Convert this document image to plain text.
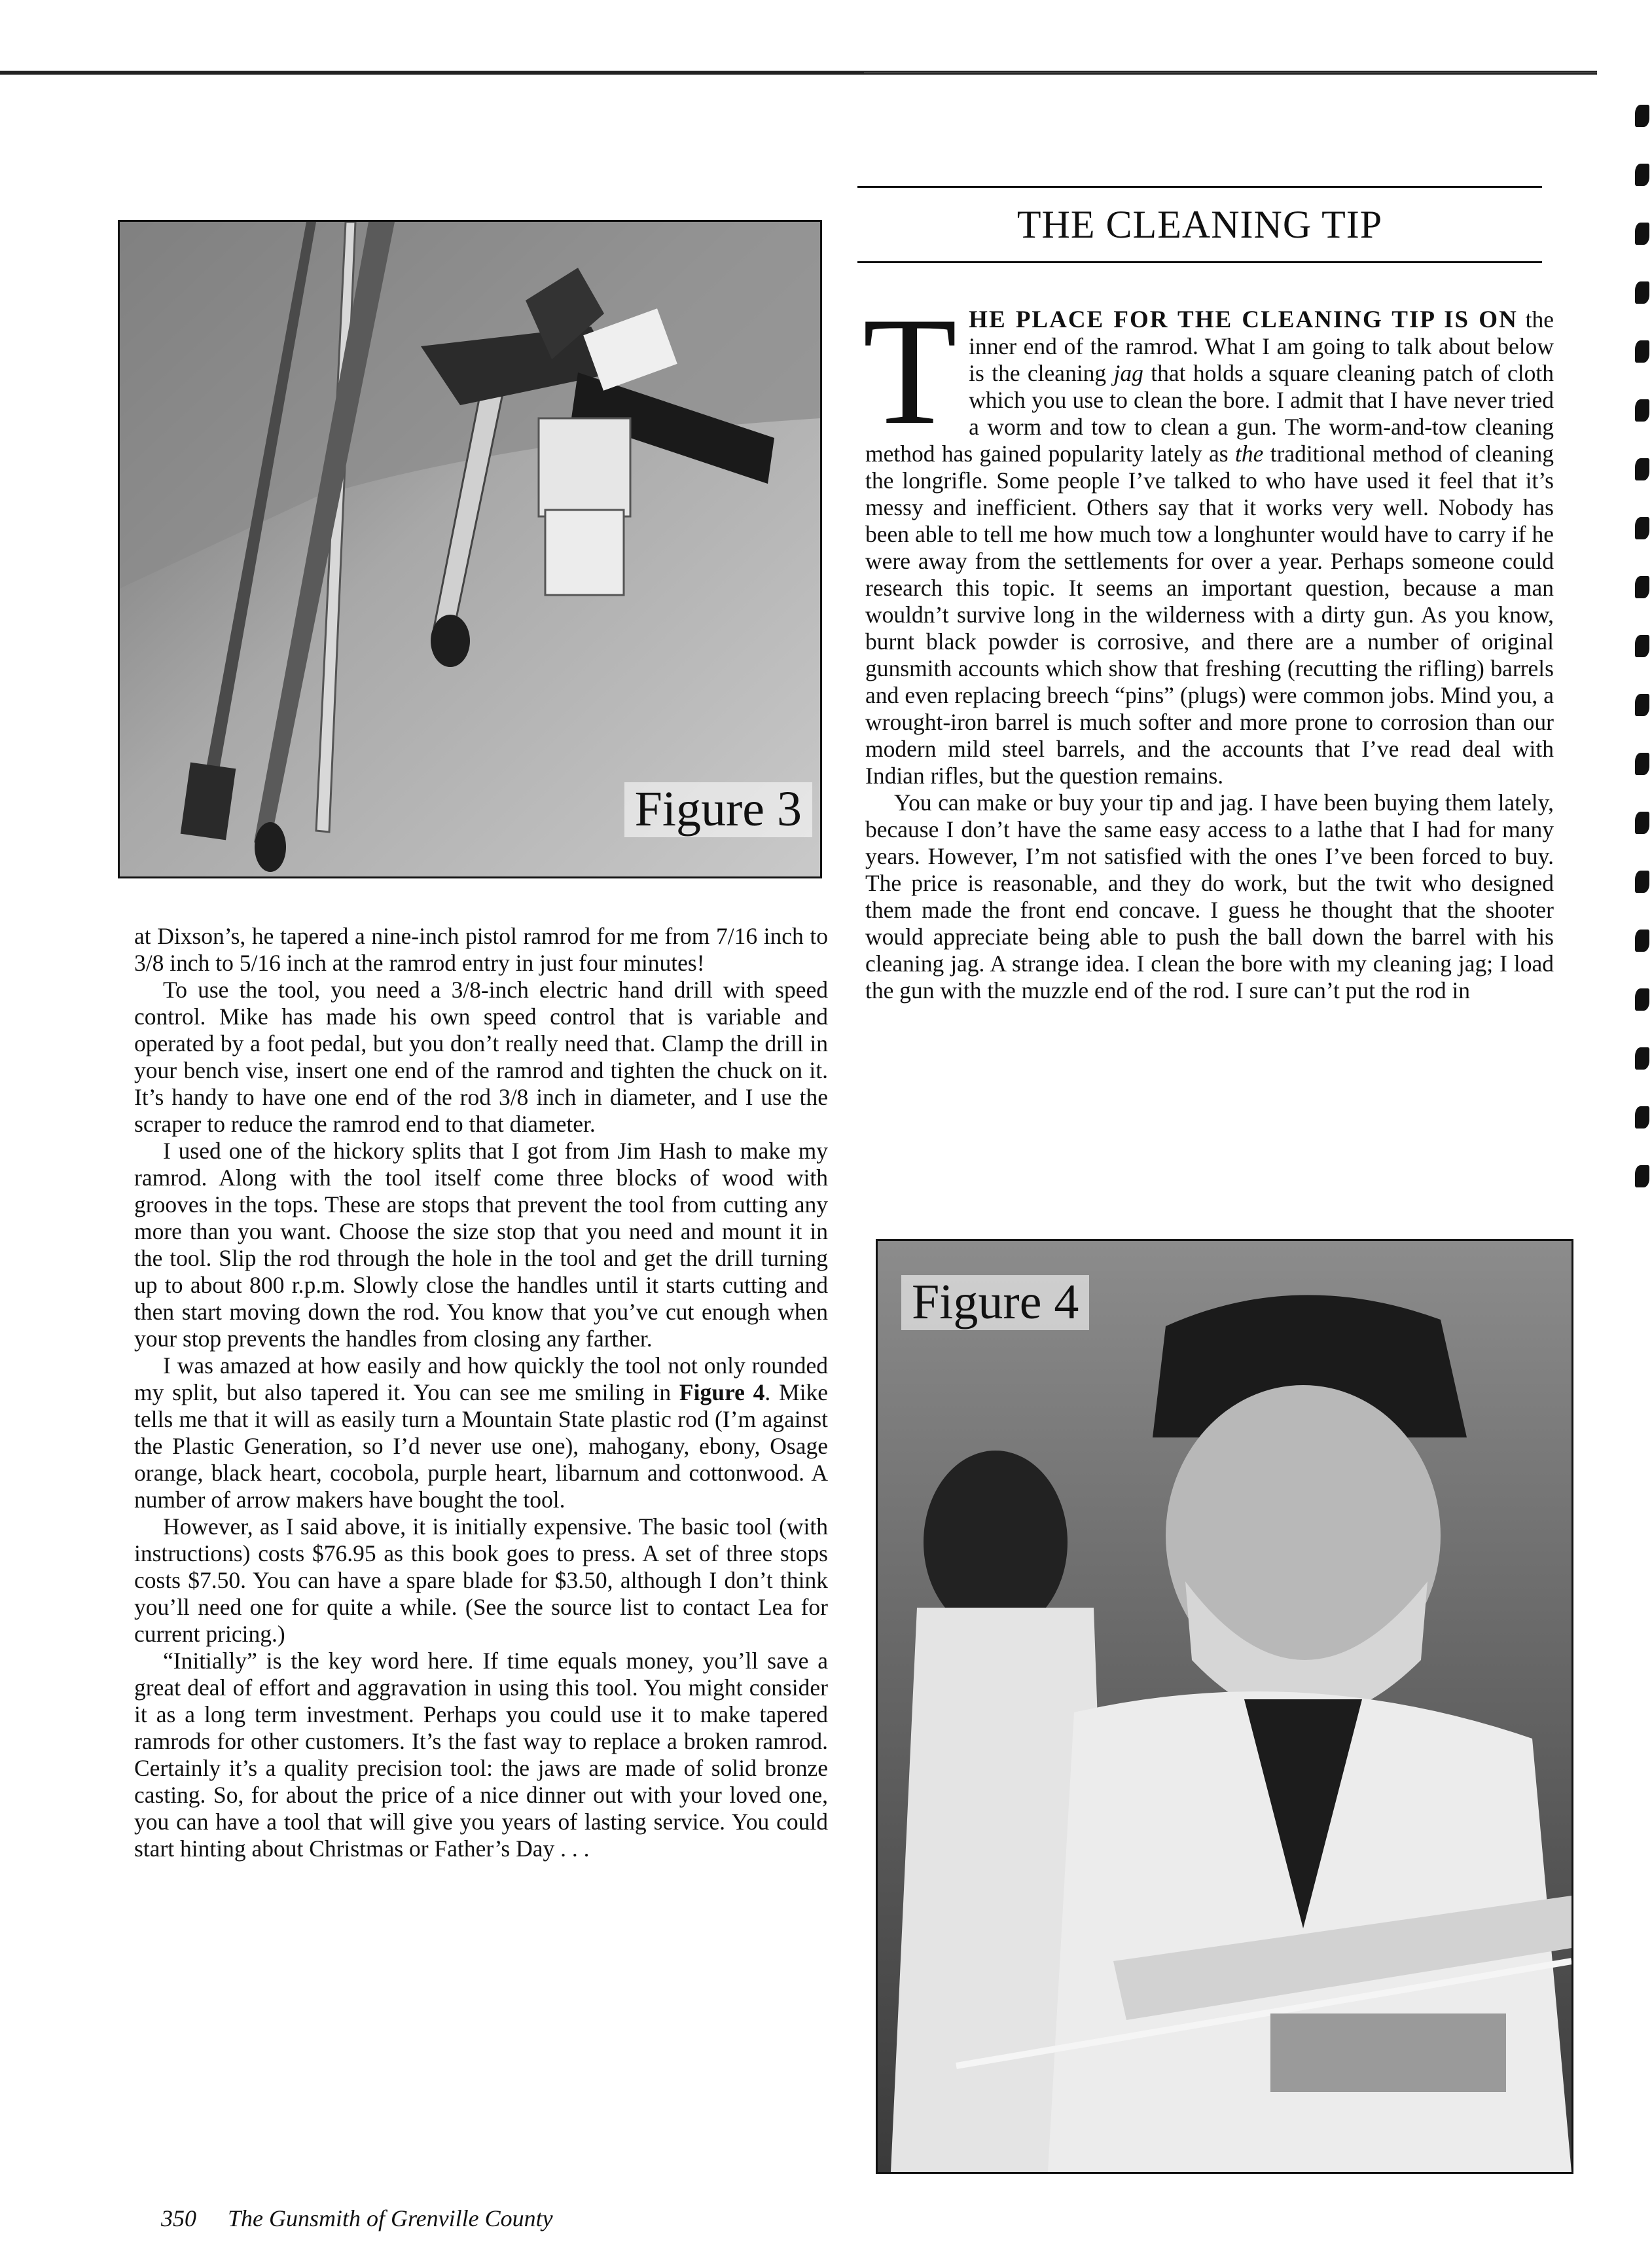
Figure 3

at Dixson’s, he tapered a nine-inch pistol ramrod for me from 7/16 inch to 3/8 inch to 5/16 inch at the ramrod entry in just four minutes!

To use the tool, you need a 3/8-inch electric hand drill with speed control. Mike has made his own speed control that is variable and operated by a foot pedal, but you don’t really need that. Clamp the drill in your bench vise, insert one end of the ramrod and tighten the chuck on it. It’s handy to have one end of the rod 3/8 inch in diameter, and I use the scraper to reduce the ramrod end to that diameter.

I used one of the hickory splits that I got from Jim Hash to make my ramrod. Along with the tool itself come three blocks of wood with grooves in the tops. These are stops that prevent the tool from cutting any more than you want. Choose the size stop that you need and mount it in the tool. Slip the rod through the hole in the tool and get the drill turning up to about 800 r.p.m. Slowly close the handles until it starts cutting and then start moving down the rod. You know that you’ve cut enough when your stop prevents the handles from closing any farther.

I was amazed at how easily and how quickly the tool not only rounded my split, but also tapered it. You can see me smiling in Figure 4. Mike tells me that it will as easily turn a Mountain State plastic rod (I’m against the Plastic Generation, so I’d never use one), mahogany, ebony, Osage orange, black heart, cocobola, purple heart, libarnum and cottonwood. A number of arrow makers have bought the tool.

However, as I said above, it is initially expensive. The basic tool (with instructions) costs $76.95 as this book goes to press. A set of three stops costs $7.50. You can have a spare blade for $3.50, although I don’t think you’ll need one for quite a while. (See the source list to contact Lea for current pricing.)

“Initially” is the key word here. If time equals money, you’ll save a great deal of effort and aggravation in using this tool. You might consider it as a long term investment. Perhaps you could use it to make tapered ramrods for other customers. It’s the fast way to replace a broken ramrod. Certainly it’s a quality precision tool: the jaws are made of solid bronze casting. So, for about the price of a nice dinner out with your loved one, you can have a tool that will give you years of lasting service. You could start hinting about Christmas or Father’s Day . . .

THE CLEANING TIP

THE PLACE FOR THE CLEANING TIP IS ON the inner end of the ramrod. What I am going to talk about below is the cleaning jag that holds a square cleaning patch of cloth which you use to clean the bore. I admit that I have never tried a worm and tow to clean a gun. The worm-and-tow cleaning method has gained popularity lately as the traditional method of cleaning the longrifle. Some people I’ve talked to who have used it feel that it’s messy and inefficient. Others say that it works very well. Nobody has been able to tell me how much tow a longhunter would have to carry if he were away from the settlements for over a year. Perhaps someone could research this topic. It seems an important question, because a man wouldn’t survive long in the wilderness with a dirty gun. As you know, burnt black powder is corrosive, and there are a number of original gunsmith accounts which show that freshing (recutting the rifling) barrels and even replacing breech “pins” (plugs) were common jobs. Mind you, a wrought-iron barrel is much softer and more prone to corrosion than our modern mild steel barrels, and the accounts that I’ve read deal with Indian rifles, but the question remains.

You can make or buy your tip and jag. I have been buying them lately, because I don’t have the same easy access to a lathe that I had for many years. However, I’m not satisfied with the ones I’ve been forced to buy. The price is reasonable, and they do work, but the twit who designed them made the front end concave. I guess he thought that the shooter would appreciate being able to push the ball down the barrel with his cleaning jag. A strange idea. I clean the bore with my cleaning jag; I load the gun with the muzzle end of the rod. I sure can’t put the rod in

Figure 4
350 The Gunsmith of Grenville County
